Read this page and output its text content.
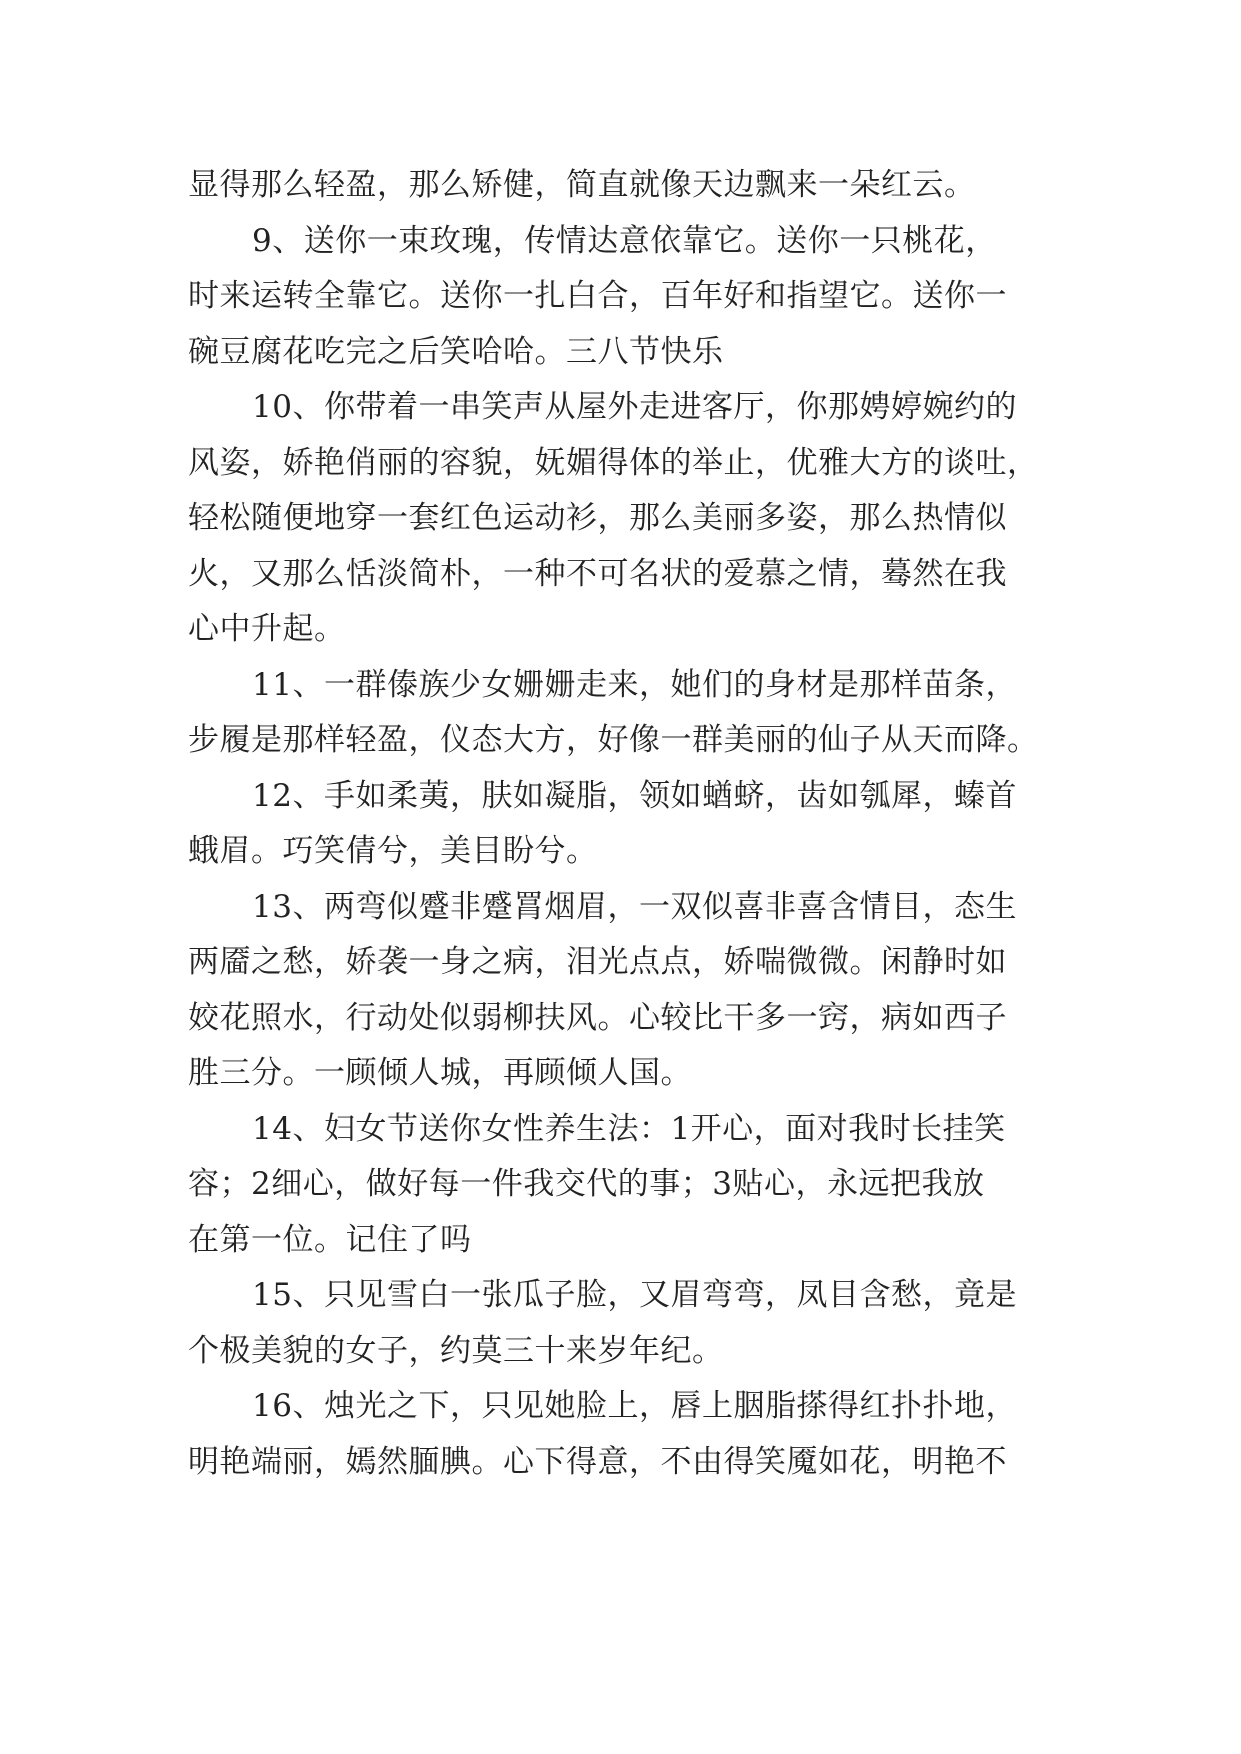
显得那么轻盈，那么矫健，简直就像天边飘来一朵红云。
9、送你一束玫瑰，传情达意依靠它。送你一只桃花，
时来运转全靠它。送你一扎白合，百年好和指望它。送你一
碗豆腐花吃完之后笑哈哈。三八节快乐
10、你带着一串笑声从屋外走进客厅，你那娉婷婉约的
风姿，娇艳俏丽的容貌，妩媚得体的举止，优雅大方的谈吐，
轻松随便地穿一套红色运动衫，那么美丽多姿，那么热情似
火，又那么恬淡简朴，一种不可名状的爱慕之情，蓦然在我
心中升起。
11、一群傣族少女姗姗走来，她们的身材是那样苗条，
步履是那样轻盈，仪态大方，好像一群美丽的仙子从天而降。
12、手如柔荑，肤如凝脂，领如蝤蛴，齿如瓠犀，螓首
蛾眉。巧笑倩兮，美目盼兮。
13、两弯似蹙非蹙罥烟眉，一双似喜非喜含情目，态生
两靥之愁，娇袭一身之病，泪光点点，娇喘微微。闲静时如
姣花照水，行动处似弱柳扶风。心较比干多一窍，病如西子
胜三分。一顾倾人城，再顾倾人国。
14、妇女节送你女性养生法：1开心，面对我时长挂笑
容；2细心，做好每一件我交代的事；3贴心，永远把我放
在第一位。记住了吗
15、只见雪白一张瓜子脸，又眉弯弯，凤目含愁，竟是
个极美貌的女子，约莫三十来岁年纪。
16、烛光之下，只见她脸上，唇上胭脂搽得红扑扑地，
明艳端丽，嫣然腼腆。心下得意，不由得笑魇如花，明艳不
